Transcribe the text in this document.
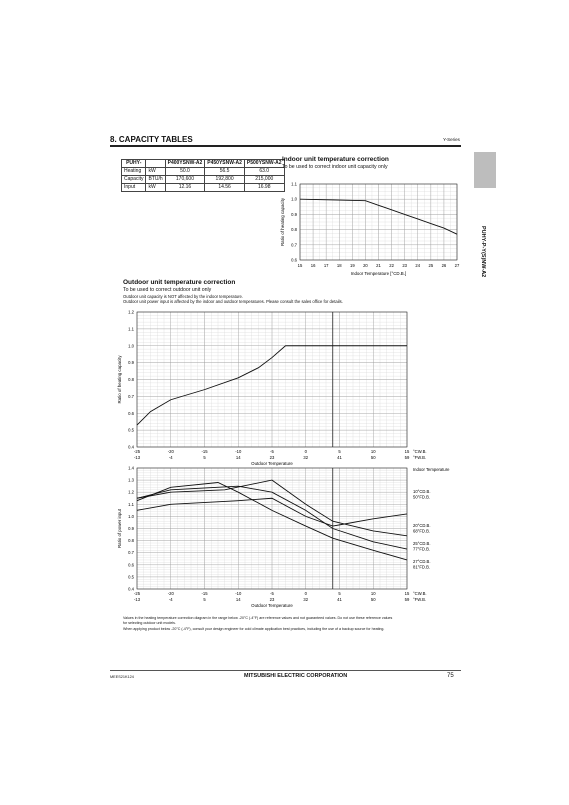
8. CAPACITY TABLES	Y-Series
PUHY-P-Y(S)NW-A2
PUHY-		P400YSNW-A2	P450YSNW-A2	P500YSNW-A2
Heating	kW	50.0	56.5	63.0
Capacity	BTU/h	170,600	192,800	215,000
Input	kW	12.16	14.56	16.98
Indoor unit temperature correction
To be used to correct indoor unit capacity only
0.6
0.7
0.8
0.9
1.0
1.1
15 16 17 18 19 20 21 22 23 24 25 26 27
Indoor Temperature [°CD.B.]
Ratio of heating capacity
Outdoor unit temperature correction
To be used to correct outdoor unit only
Outdoor unit capacity is NOT affected by the indoor temperature.
Outdoor unit power input is affected by the indoor and outdoor temperatures. Please consult the sales office for details.
0.4
0.5
0.6
0.7
0.8
0.9
1.0
1.1
1.2
-25
-13
-20
-4
-15
5
-10
14
-5
23
0
32
5
41
10
50
15
59
°CW.B.
°FW.B.
Outdoor Temperature
Ratio of heating capacity
0.4
0.5
0.6
0.7
0.8
0.9
1.0
1.1
1.2
1.3
1.4
-25
-13
-20
-4
-15
5
-10
14
-5
23
0
32
5
41
10
50
15
59
°CW.B.
°FW.B.
Outdoor Temperature
Ratio of power input
Indoor Temperature
10°CD.B.
50°FD.B.
20°CD.B.
68°FD.B.
25°CD.B.
77°FD.B.
27°CD.B.
81°FD.B.
Values in the heating temperature correction diagram in the range below -20°C (-4°F) are reference values and not guaranteed values. Do not use these reference values
for selecting outdoor unit models.
When applying product below -20°C (-4°F), consult your design engineer for cold climate application best practices, including the use of a backup source for heating.
MEES21K124	MITSUBISHI ELECTRIC CORPORATION	75
